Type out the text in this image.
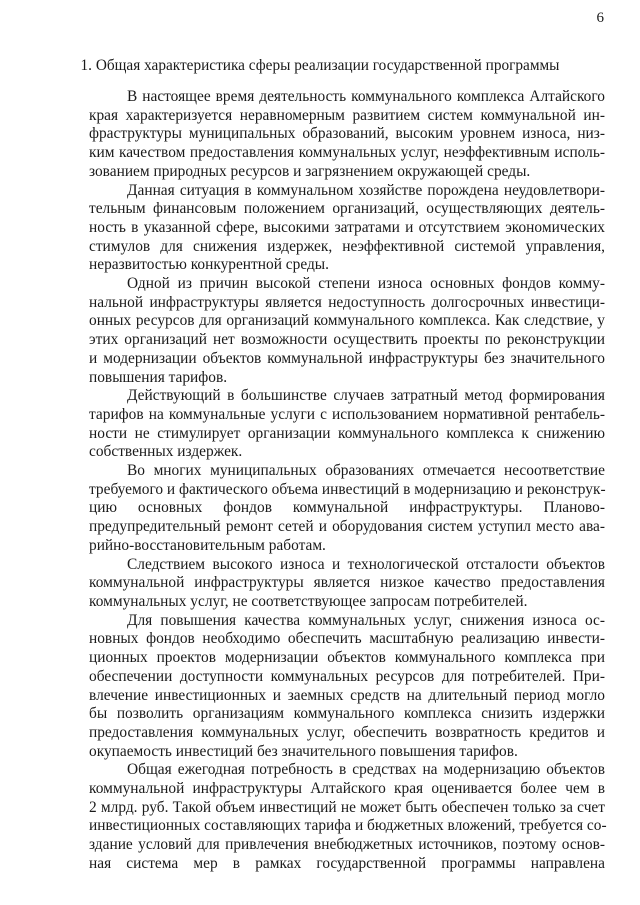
6
1. Общая характеристика сферы реализации государственной программы
В настоящее время деятельность коммунального комплекса Алтайского
края характеризуется неравномерным развитием систем коммунальной ин-
фраструктуры муниципальных образований, высоким уровнем износа, низ-
ким качеством предоставления коммунальных услуг, неэффективным исполь-
зованием природных ресурсов и загрязнением окружающей среды.
Данная ситуация в коммунальном хозяйстве порождена неудовлетвори-
тельным финансовым положением организаций, осуществляющих деятель-
ность в указанной сфере, высокими затратами и отсутствием экономических
стимулов для снижения издержек, неэффективной системой управления,
неразвитостью конкурентной среды.
Одной из причин высокой степени износа основных фондов комму-
нальной инфраструктуры является недоступность долгосрочных инвестици-
онных ресурсов для организаций коммунального комплекса. Как следствие, у
этих организаций нет возможности осуществить проекты по реконструкции
и модернизации объектов коммунальной инфраструктуры без значительного
повышения тарифов.
Действующий в большинстве случаев затратный метод формирования
тарифов на коммунальные услуги с использованием нормативной рентабель-
ности не стимулирует организации коммунального комплекса к снижению
собственных издержек.
Во многих муниципальных образованиях отмечается несоответствие
требуемого и фактического объема инвестиций в модернизацию и реконструк-
цию основных фондов коммунальной инфраструктуры. Планово-
предупредительный ремонт сетей и оборудования систем уступил место ава-
рийно-восстановительным работам.
Следствием высокого износа и технологической отсталости объектов
коммунальной инфраструктуры является низкое качество предоставления
коммунальных услуг, не соответствующее запросам потребителей.
Для повышения качества коммунальных услуг, снижения износа ос-
новных фондов необходимо обеспечить масштабную реализацию инвести-
ционных проектов модернизации объектов коммунального комплекса при
обеспечении доступности коммунальных ресурсов для потребителей. При-
влечение инвестиционных и заемных средств на длительный период могло
бы позволить организациям коммунального комплекса снизить издержки
предоставления коммунальных услуг, обеспечить возвратность кредитов и
окупаемость инвестиций без значительного повышения тарифов.
Общая ежегодная потребность в средствах на модернизацию объектов
коммунальной инфраструктуры Алтайского края оценивается более чем в
2 млрд. руб. Такой объем инвестиций не может быть обеспечен только за счет
инвестиционных составляющих тарифа и бюджетных вложений, требуется со-
здание условий для привлечения внебюджетных источников, поэтому основ-
ная система мер в рамках государственной программы направлена
